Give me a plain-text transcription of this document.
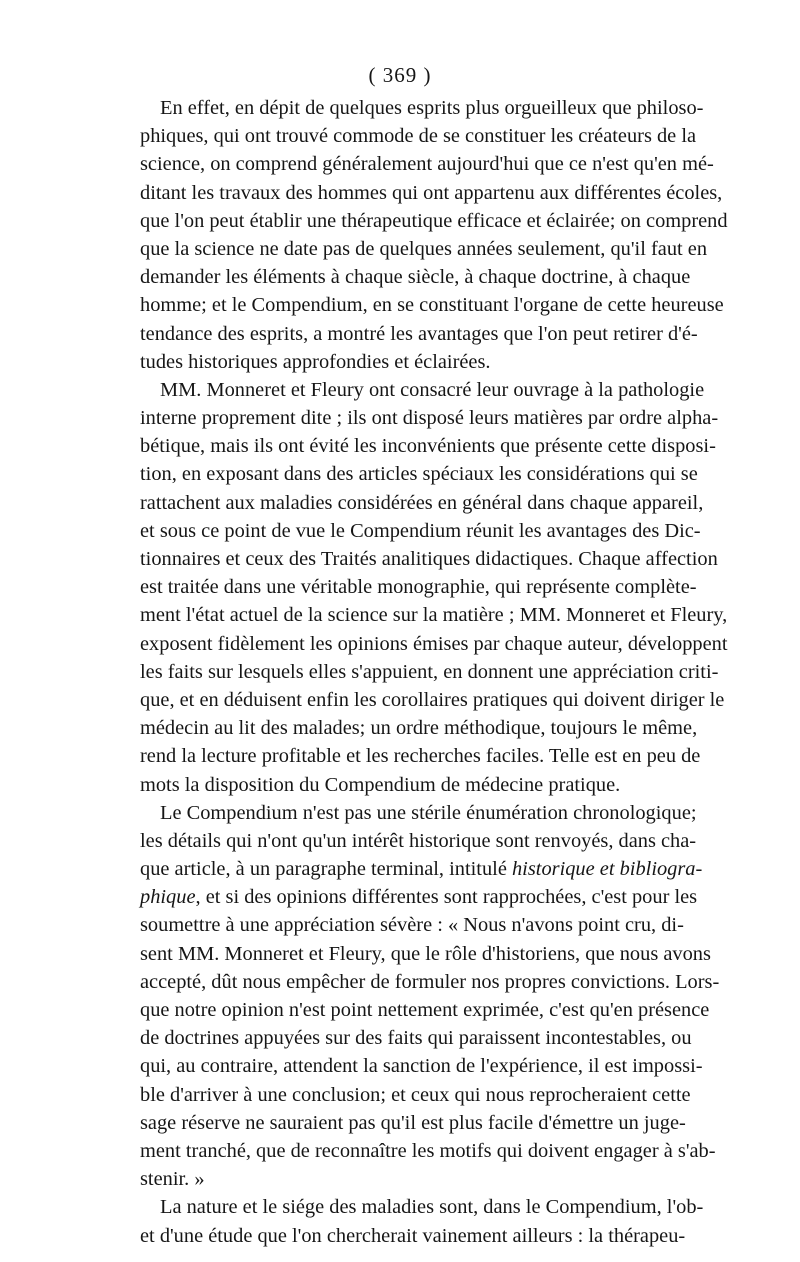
( 369 )
En effet, en dépit de quelques esprits plus orgueilleux que philoso-
phiques, qui ont trouvé commode de se constituer les créateurs de la
science, on comprend généralement aujourd'hui que ce n'est qu'en mé-
ditant les travaux des hommes qui ont appartenu aux différentes écoles,
que l'on peut établir une thérapeutique efficace et éclairée; on comprend
que la science ne date pas de quelques années seulement, qu'il faut en
demander les éléments à chaque siècle, à chaque doctrine, à chaque
homme; et le Compendium, en se constituant l'organe de cette heureuse
tendance des esprits, a montré les avantages que l'on peut retirer d'é-
tudes historiques approfondies et éclairées.
MM. Monneret et Fleury ont consacré leur ouvrage à la pathologie
interne proprement dite ; ils ont disposé leurs matières par ordre alpha-
bétique, mais ils ont évité les inconvénients que présente cette disposi-
tion, en exposant dans des articles spéciaux les considérations qui se
rattachent aux maladies considérées en général dans chaque appareil,
et sous ce point de vue le Compendium réunit les avantages des Dic-
tionnaires et ceux des Traités analitiques didactiques. Chaque affection
est traitée dans une véritable monographie, qui représente complète-
ment l'état actuel de la science sur la matière ; MM. Monneret et Fleury,
exposent fidèlement les opinions émises par chaque auteur, développent
les faits sur lesquels elles s'appuient, en donnent une appréciation criti-
que, et en déduisent enfin les corollaires pratiques qui doivent diriger le
médecin au lit des malades; un ordre méthodique, toujours le même,
rend la lecture profitable et les recherches faciles. Telle est en peu de
mots la disposition du Compendium de médecine pratique.
Le Compendium n'est pas une stérile énumération chronologique;
les détails qui n'ont qu'un intérêt historique sont renvoyés, dans cha-
que article, à un paragraphe terminal, intitulé historique et bibliogra-
phique, et si des opinions différentes sont rapprochées, c'est pour les
soumettre à une appréciation sévère : « Nous n'avons point cru, di-
sent MM. Monneret et Fleury, que le rôle d'historiens, que nous avons
accepté, dût nous empêcher de formuler nos propres convictions. Lors-
que notre opinion n'est point nettement exprimée, c'est qu'en présence
de doctrines appuyées sur des faits qui paraissent incontestables, ou
qui, au contraire, attendent la sanction de l'expérience, il est impossi-
ble d'arriver à une conclusion; et ceux qui nous reprocheraient cette
sage réserve ne sauraient pas qu'il est plus facile d'émettre un juge-
ment tranché, que de reconnaître les motifs qui doivent engager à s'ab-
stenir. »
La nature et le siége des maladies sont, dans le Compendium, l'ob-
et d'une étude que l'on chercherait vainement ailleurs : la thérapeu-
